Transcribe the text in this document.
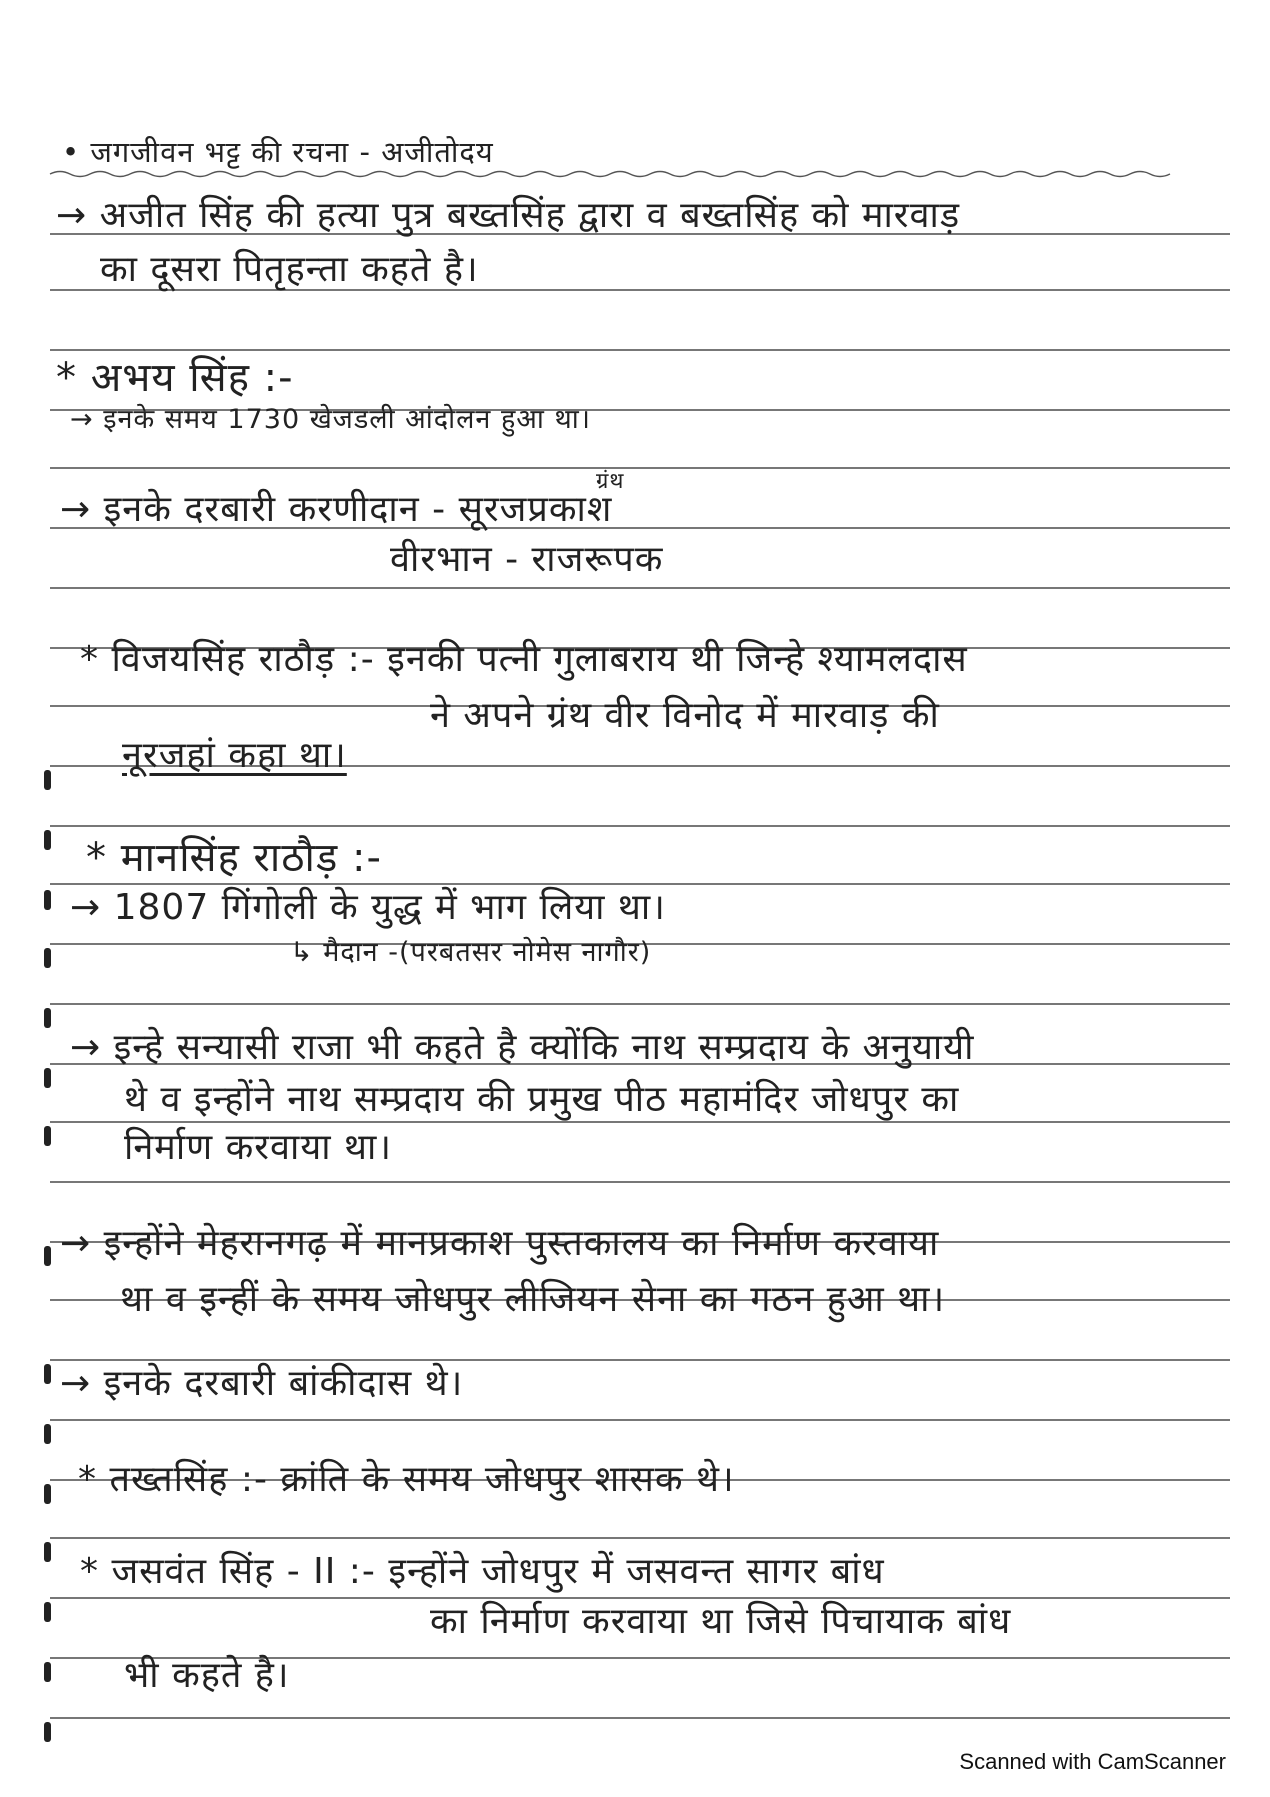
• जगजीवन भट्ट की रचना - अजीतोदय
→ अजीत सिंह की हत्या पुत्र बख्तसिंह द्वारा व बख्तसिंह को मारवाड़
का दूसरा पितृहन्ता कहते है।
* अभय सिंह :-
→ इनके समय 1730 खेजडली आंदोलन हुआ था।
ग्रंथ
→ इनके दरबारी करणीदान - सूरजप्रकाश
वीरभान - राजरूपक
* विजयसिंह राठौड़ :- इनकी पत्नी गुलाबराय थी जिन्हे श्यामलदास
ने अपने ग्रंथ वीर विनोद में मारवाड़ की
नूरजहां कहा था।
* मानसिंह राठौड़ :-
→ 1807 गिंगोली के युद्ध में भाग लिया था।
↳ मैदान -(परबतसर नोमेस नागौर)
→ इन्हे सन्यासी राजा भी कहते है क्योंकि नाथ सम्प्रदाय के अनुयायी
थे व इन्होंने नाथ सम्प्रदाय की प्रमुख पीठ महामंदिर जोधपुर का
निर्माण करवाया था।
→ इन्होंने मेहरानगढ़ में मानप्रकाश पुस्तकालय का निर्माण करवाया
था व इन्हीं के समय जोधपुर लीजियन सेना का गठन हुआ था।
→ इनके दरबारी बांकीदास थे।
* तख्तसिंह :- क्रांति के समय जोधपुर शासक थे।
* जसवंत सिंह - II :- इन्होंने जोधपुर में जसवन्त सागर बांध
का निर्माण करवाया था जिसे पिचायाक बांध
भी कहते है।
Scanned with CamScanner
